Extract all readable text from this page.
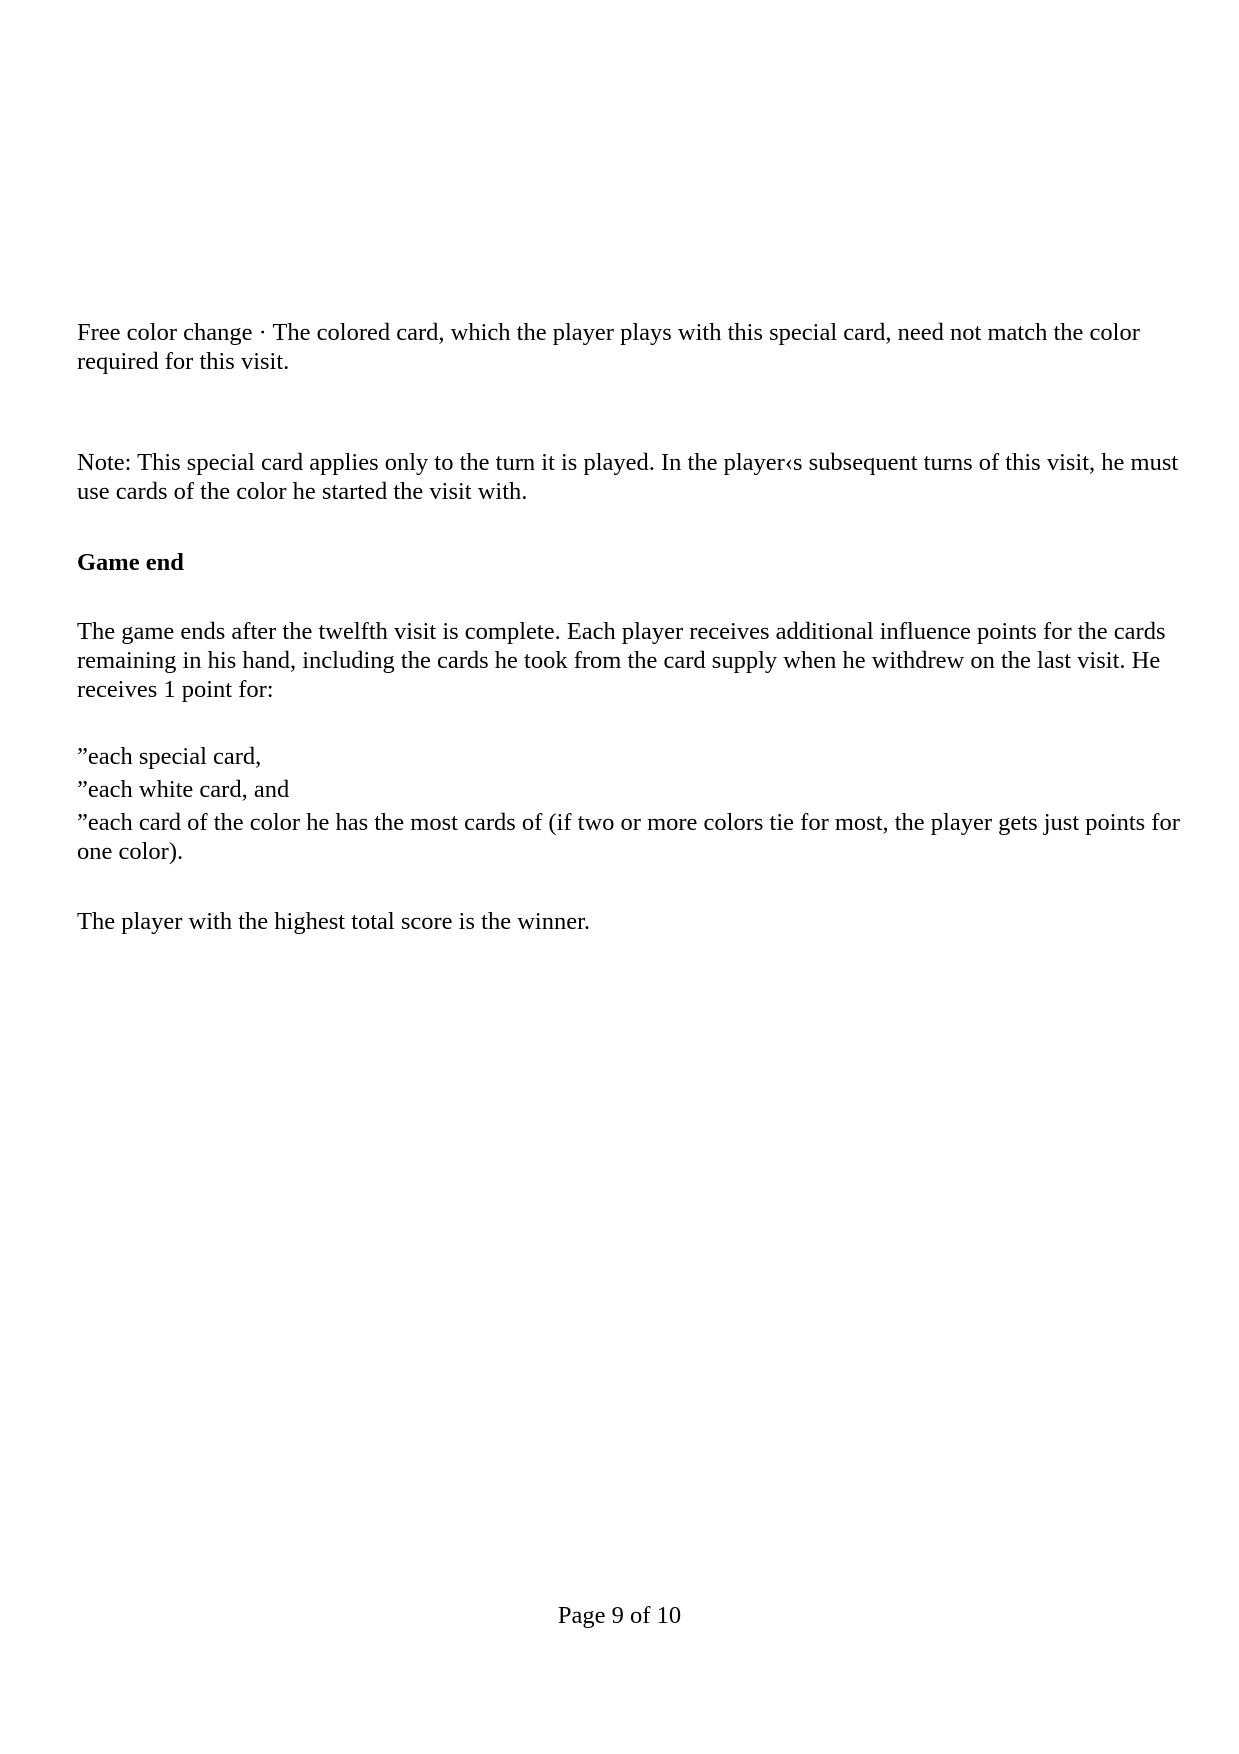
Free color change · The colored card, which the player plays with this special card, need not match the color required for this visit.

Note: This special card applies only to the turn it is played. In the player‹s subsequent turns of this visit, he must use cards of the color he started the visit with.

Game end

The game ends after the twelfth visit is complete. Each player receives additional influence points for the cards remaining in his hand, including the cards he took from the card supply when he withdrew on the last visit. He receives 1 point for:

”each special card,

”each white card, and

”each card of the color he has the most cards of (if two or more colors tie for most, the player gets just points for one color).

The player with the highest total score is the winner.

Page 9 of 10
